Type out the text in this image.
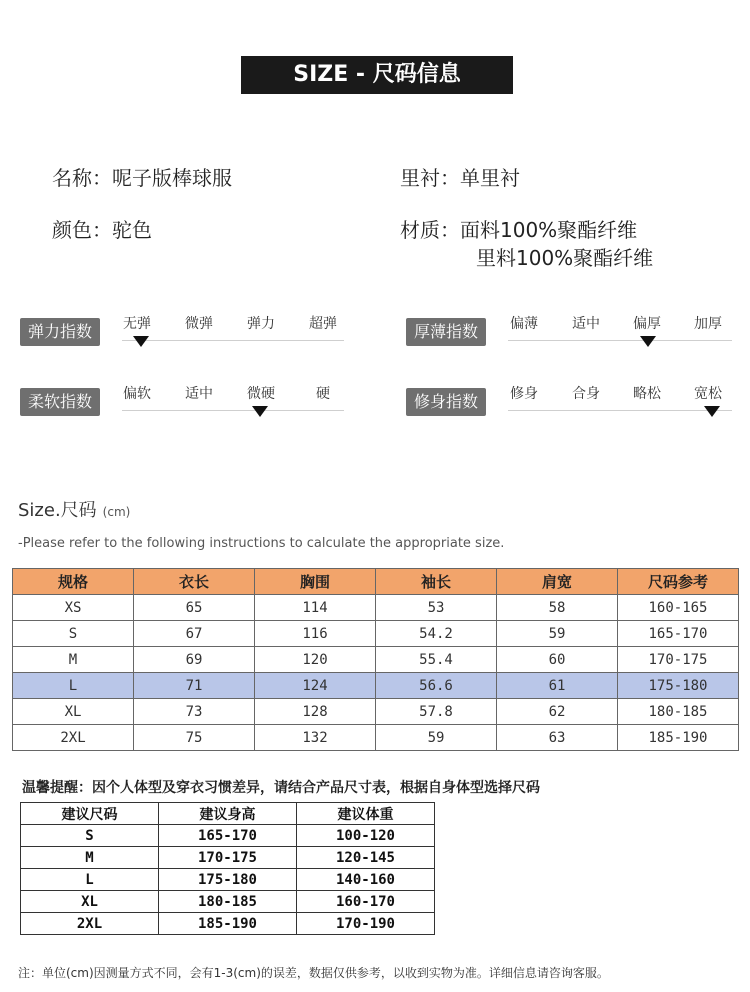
SIZE - 尺码信息
名称：呢子版棒球服	里衬：单里衬
颜色：驼色	材质：面料100%聚酯纤维
里料100%聚酯纤维
弹力指数	无弹 微弹 弹力 超弹	厚薄指数	偏薄 适中 偏厚 加厚
柔软指数	偏软 适中 微硬	硬	修身指数	修身 合身 略松 宽松
Size.尺码 (cm)
-Please refer to the following instructions to calculate the appropriate size.
规格	衣长	胸围	袖长	肩宽	尺码参考
XS	65	114	53	58	160-165
S	67	116	54.2	59	165-170
M	69	120	55.4	60	170-175
L	71	124	56.6	61	175-180
XL	73	128	57.8	62	180-185
2XL	75	132	59	63	185-190
温馨提醒：因个人体型及穿衣习惯差异，请结合产品尺寸表，根据自身体型选择尺码
建议尺码	建议身高	建议体重
S	165-170	100-120
M	170-175	120-145
L	175-180	140-160
XL	180-185	160-170
2XL	185-190	170-190
注：单位(cm)因测量方式不同，会有1-3(cm)的误差，数据仅供参考，以收到实物为准。详细信息请咨询客服。
